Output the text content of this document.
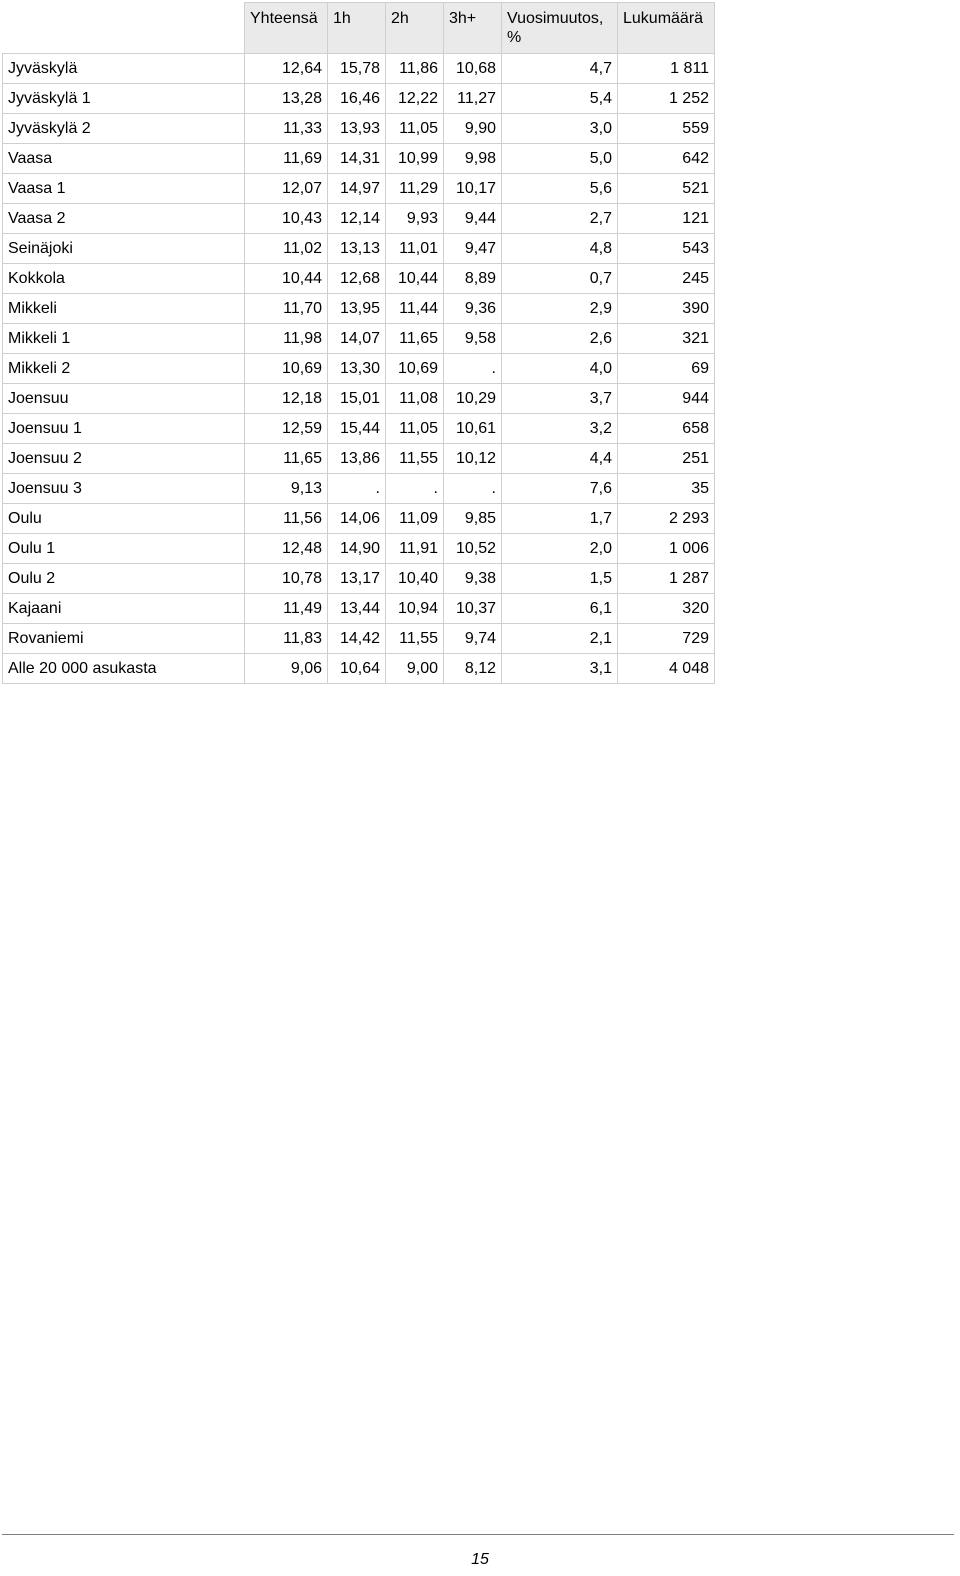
	Yhteensä	1h	2h	3h+	Vuosimuutos, %	Lukumäärä
Jyväskylä	12,64	15,78	11,86	10,68	4,7	1 811
Jyväskylä 1	13,28	16,46	12,22	11,27	5,4	1 252
Jyväskylä 2	11,33	13,93	11,05	9,90	3,0	559
Vaasa	11,69	14,31	10,99	9,98	5,0	642
Vaasa 1	12,07	14,97	11,29	10,17	5,6	521
Vaasa 2	10,43	12,14	9,93	9,44	2,7	121
Seinäjoki	11,02	13,13	11,01	9,47	4,8	543
Kokkola	10,44	12,68	10,44	8,89	0,7	245
Mikkeli	11,70	13,95	11,44	9,36	2,9	390
Mikkeli 1	11,98	14,07	11,65	9,58	2,6	321
Mikkeli 2	10,69	13,30	10,69	.	4,0	69
Joensuu	12,18	15,01	11,08	10,29	3,7	944
Joensuu 1	12,59	15,44	11,05	10,61	3,2	658
Joensuu 2	11,65	13,86	11,55	10,12	4,4	251
Joensuu 3	9,13	.	.	.	7,6	35
Oulu	11,56	14,06	11,09	9,85	1,7	2 293
Oulu 1	12,48	14,90	11,91	10,52	2,0	1 006
Oulu 2	10,78	13,17	10,40	9,38	1,5	1 287
Kajaani	11,49	13,44	10,94	10,37	6,1	320
Rovaniemi	11,83	14,42	11,55	9,74	2,1	729
Alle 20 000 asukasta	9,06	10,64	9,00	8,12	3,1	4 048
15
